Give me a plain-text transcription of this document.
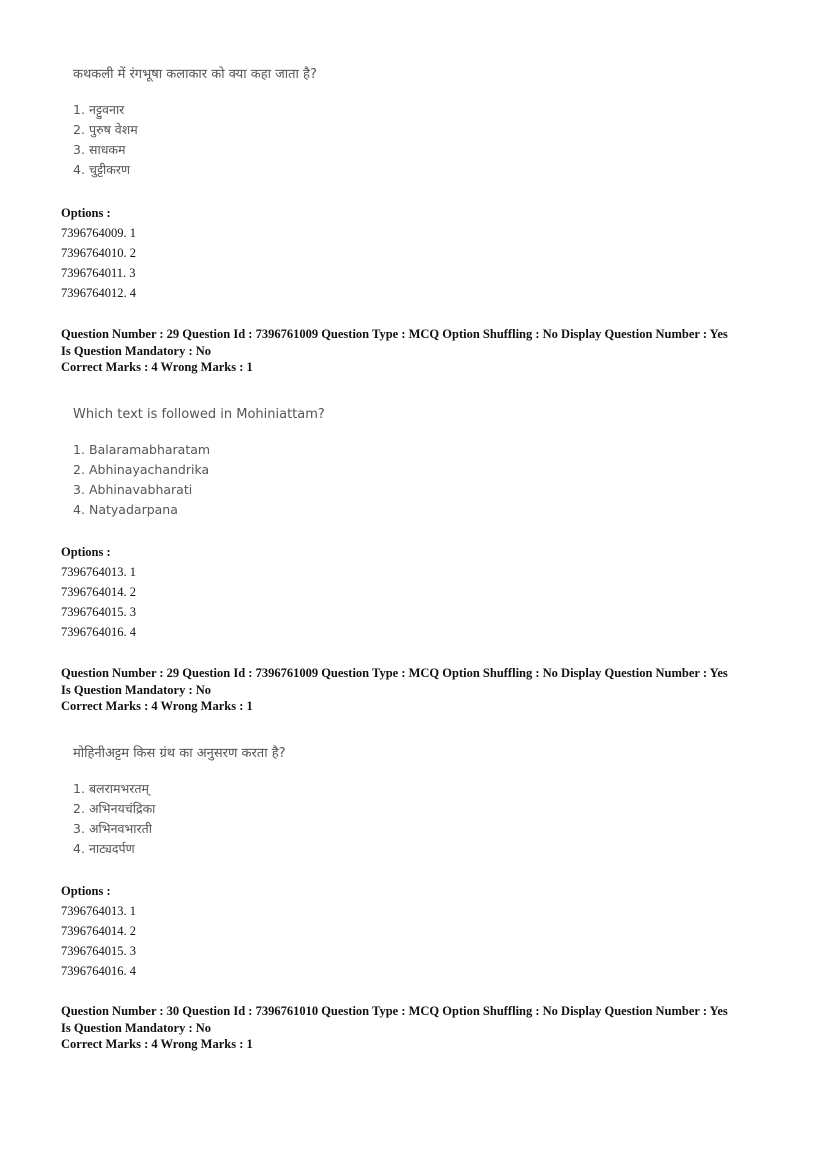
कथकली में रंगभूषा कलाकार को क्या कहा जाता है?

1. नट्टुवनार
2. पुरुष वेशम
3. साधकम
4. चुट्टीकरण
Options :
7396764009. 1
7396764010. 2
7396764011. 3
7396764012. 4
Question Number : 29 Question Id : 7396761009 Question Type : MCQ Option Shuffling : No Display Question Number : Yes
Is Question Mandatory : No
Correct Marks : 4 Wrong Marks : 1

Which text is followed in Mohiniattam?

1. Balaramabharatam
2. Abhinayachandrika
3. Abhinavabharati
4. Natyadarpana
Options :
7396764013. 1
7396764014. 2
7396764015. 3
7396764016. 4
Question Number : 29 Question Id : 7396761009 Question Type : MCQ Option Shuffling : No Display Question Number : Yes
Is Question Mandatory : No
Correct Marks : 4 Wrong Marks : 1

मोहिनीअट्टम किस ग्रंथ का अनुसरण करता है?

1. बलरामभरतम्
2. अभिनयचंद्रिका
3. अभिनवभारती
4. नाट्यदर्पण
Options :
7396764013. 1
7396764014. 2
7396764015. 3
7396764016. 4
Question Number : 30 Question Id : 7396761010 Question Type : MCQ Option Shuffling : No Display Question Number : Yes
Is Question Mandatory : No
Correct Marks : 4 Wrong Marks : 1
